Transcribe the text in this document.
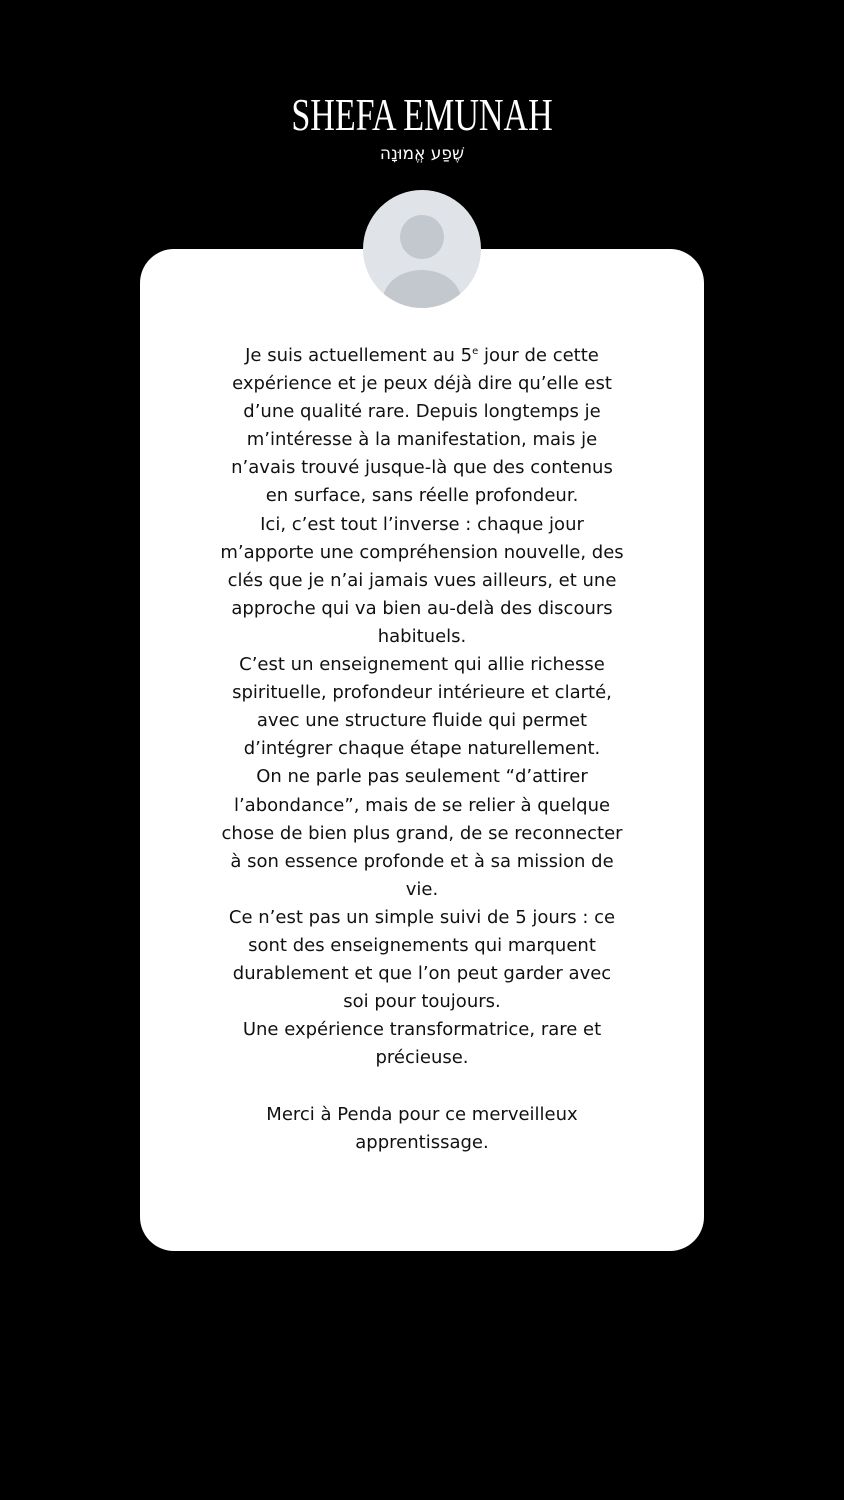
SHEFA EMUNAH
שֶׁפַע אֱמוּנָה
Je suis actuellement au 5e jour de cette
expérience et je peux déjà dire qu’elle est
d’une qualité rare. Depuis longtemps je
m’intéresse à la manifestation, mais je
n’avais trouvé jusque-là que des contenus
en surface, sans réelle profondeur.
Ici, c’est tout l’inverse : chaque jour
m’apporte une compréhension nouvelle, des
clés que je n’ai jamais vues ailleurs, et une
approche qui va bien au-delà des discours
habituels.
C’est un enseignement qui allie richesse
spirituelle, profondeur intérieure et clarté,
avec une structure fluide qui permet
d’intégrer chaque étape naturellement.
On ne parle pas seulement “d’attirer
l’abondance”, mais de se relier à quelque
chose de bien plus grand, de se reconnecter
à son essence profonde et à sa mission de
vie.
Ce n’est pas un simple suivi de 5 jours : ce
sont des enseignements qui marquent
durablement et que l’on peut garder avec
soi pour toujours.
Une expérience transformatrice, rare et
précieuse.
Merci à Penda pour ce merveilleux
apprentissage.
